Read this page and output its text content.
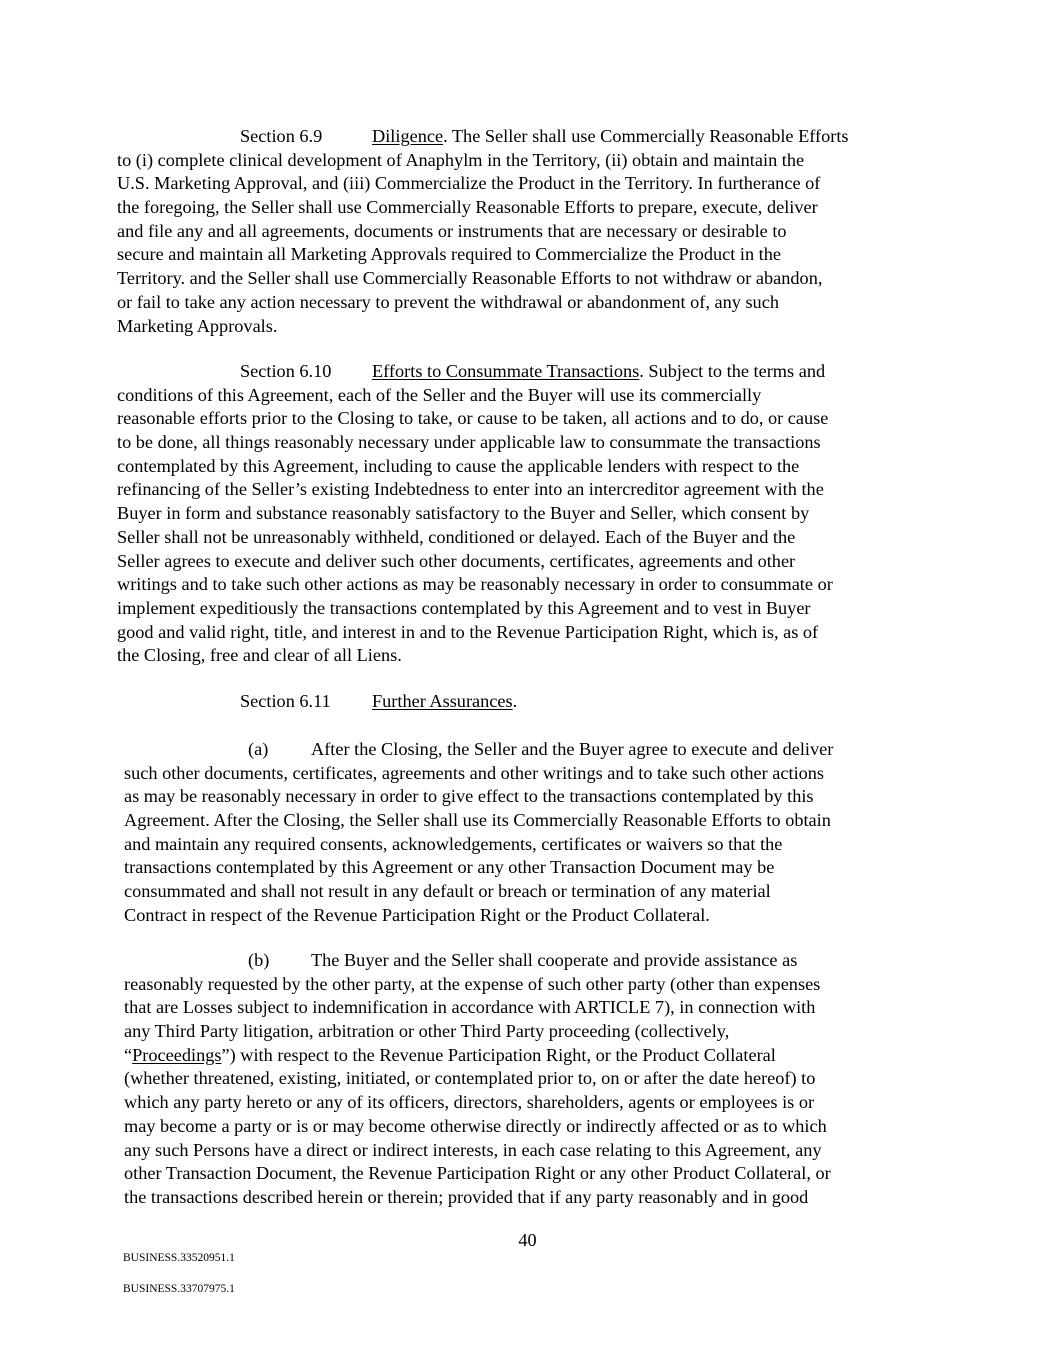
Section 6.9	Diligence. The Seller shall use Commercially Reasonable Efforts
to (i) complete clinical development of Anaphylm in the Territory, (ii) obtain and maintain the
U.S. Marketing Approval, and (iii) Commercialize the Product in the Territory. In furtherance of
the foregoing, the Seller shall use Commercially Reasonable Efforts to prepare, execute, deliver
and file any and all agreements, documents or instruments that are necessary or desirable to
secure and maintain all Marketing Approvals required to Commercialize the Product in the
Territory. and the Seller shall use Commercially Reasonable Efforts to not withdraw or abandon,
or fail to take any action necessary to prevent the withdrawal or abandonment of, any such
Marketing Approvals.
Section 6.10 Efforts to Consummate Transactions. Subject to the terms and
conditions of this Agreement, each of the Seller and the Buyer will use its commercially
reasonable efforts prior to the Closing to take, or cause to be taken, all actions and to do, or cause
to be done, all things reasonably necessary under applicable law to consummate the transactions
contemplated by this Agreement, including to cause the applicable lenders with respect to the
refinancing of the Seller’s existing Indebtedness to enter into an intercreditor agreement with the
Buyer in form and substance reasonably satisfactory to the Buyer and Seller, which consent by
Seller shall not be unreasonably withheld, conditioned or delayed. Each of the Buyer and the
Seller agrees to execute and deliver such other documents, certificates, agreements and other
writings and to take such other actions as may be reasonably necessary in order to consummate or
implement expeditiously the transactions contemplated by this Agreement and to vest in Buyer
good and valid right, title, and interest in and to the Revenue Participation Right, which is, as of
the Closing, free and clear of all Liens.
Section 6.11 Further Assurances.
(a) After the Closing, the Seller and the Buyer agree to execute and deliver
such other documents, certificates, agreements and other writings and to take such other actions
as may be reasonably necessary in order to give effect to the transactions contemplated by this
Agreement. After the Closing, the Seller shall use its Commercially Reasonable Efforts to obtain
and maintain any required consents, acknowledgements, certificates or waivers so that the
transactions contemplated by this Agreement or any other Transaction Document may be
consummated and shall not result in any default or breach or termination of any material
Contract in respect of the Revenue Participation Right or the Product Collateral.
(b) The Buyer and the Seller shall cooperate and provide assistance as
reasonably requested by the other party, at the expense of such other party (other than expenses
that are Losses subject to indemnification in accordance with ARTICLE 7), in connection with
any Third Party litigation, arbitration or other Third Party proceeding (collectively,
“Proceedings”) with respect to the Revenue Participation Right, or the Product Collateral
(whether threatened, existing, initiated, or contemplated prior to, on or after the date hereof) to
which any party hereto or any of its officers, directors, shareholders, agents or employees is or
may become a party or is or may become otherwise directly or indirectly affected or as to which
any such Persons have a direct or indirect interests, in each case relating to this Agreement, any
other Transaction Document, the Revenue Participation Right or any other Product Collateral, or
the transactions described herein or therein; provided that if any party reasonably and in good
40
BUSINESS.33520951.1
BUSINESS.33707975.1
